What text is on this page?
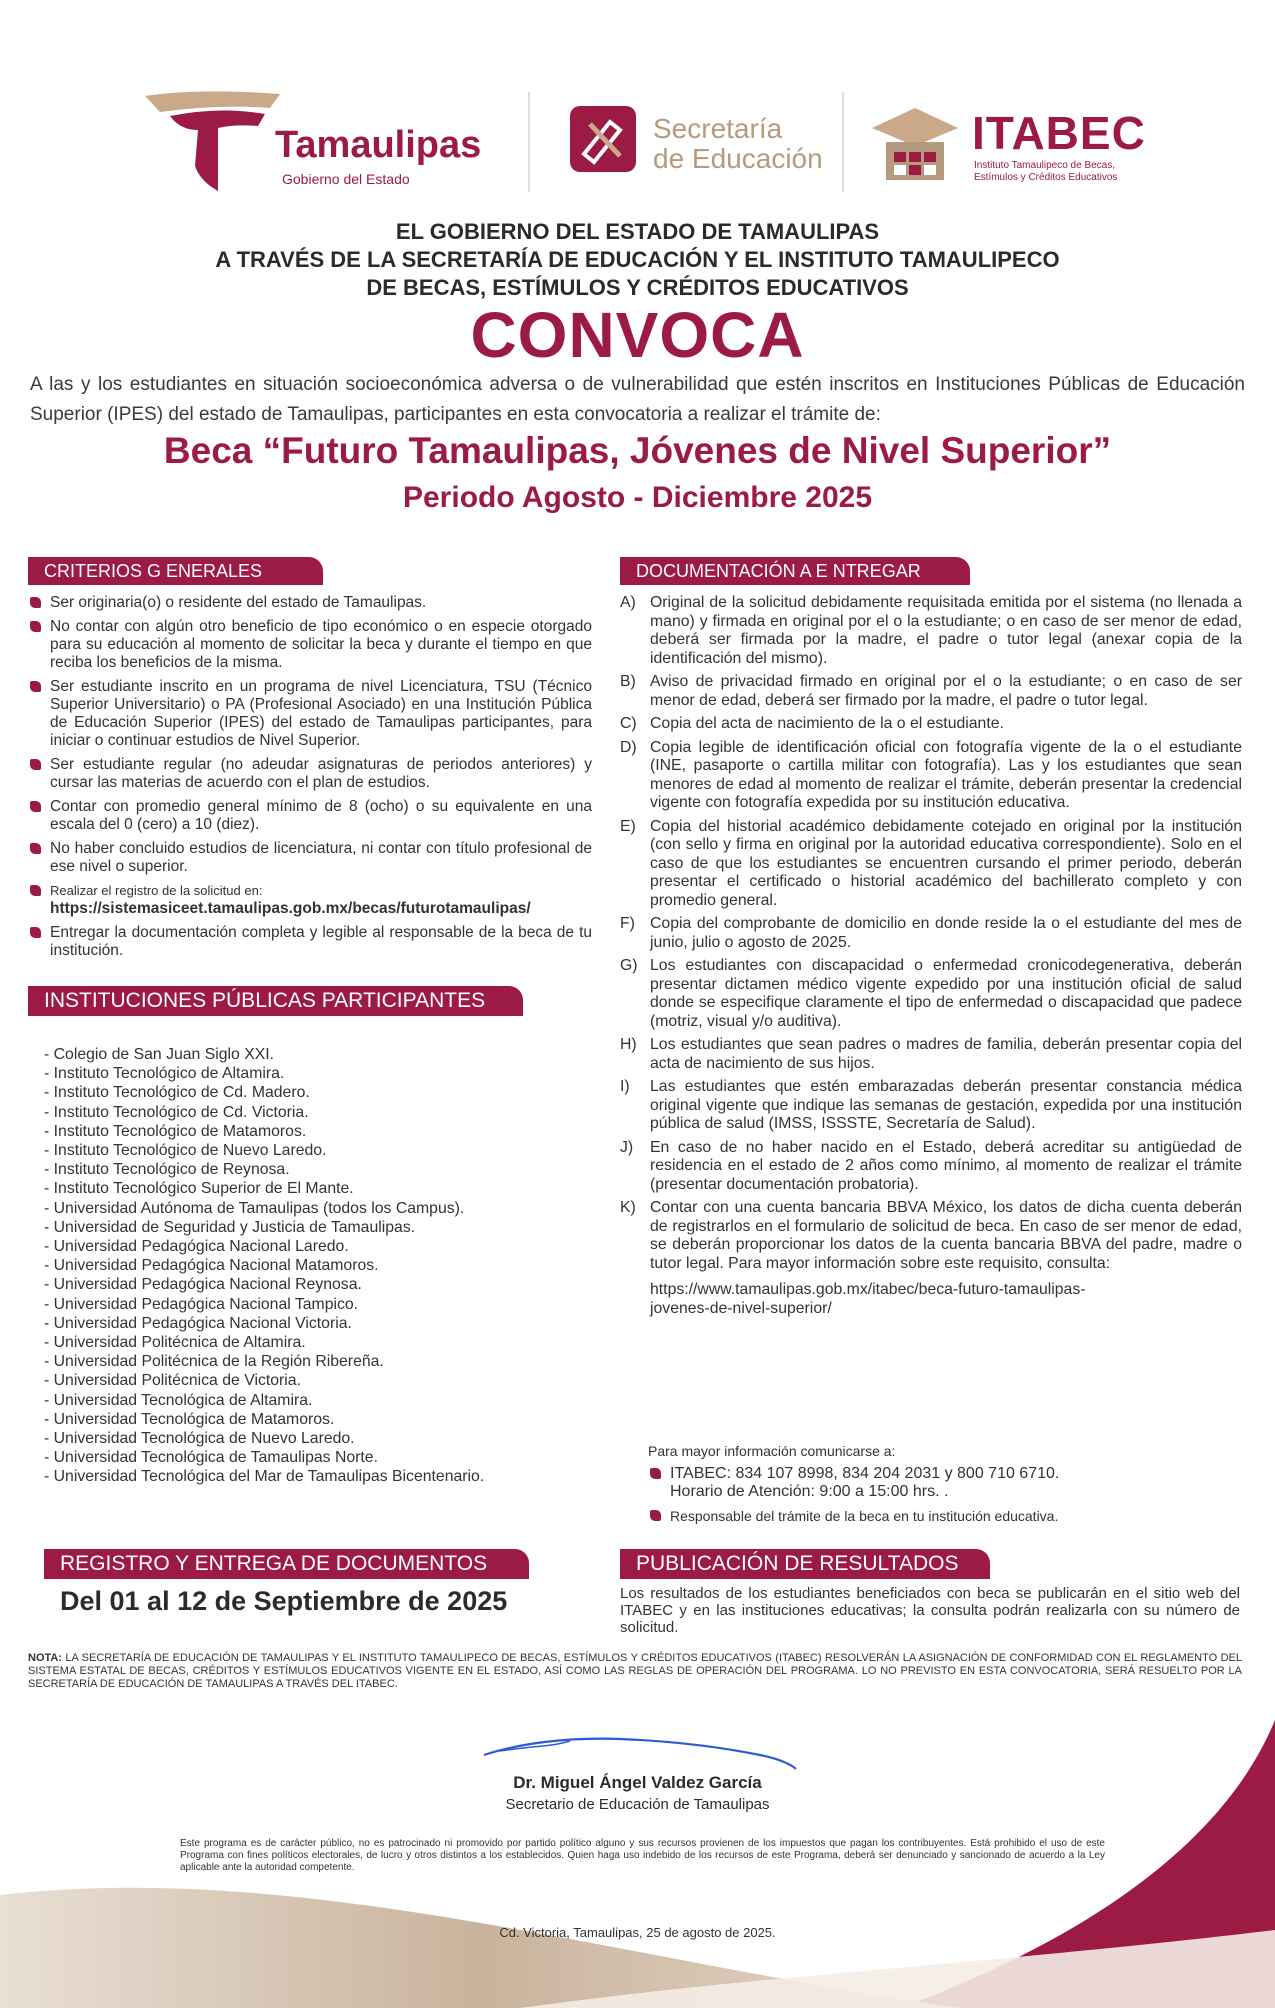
Tamaulipas
Gobierno del Estado
Secretaría
de Educación	ITABEC
Instituto Tamaulipeco de Becas,
Estímulos y Créditos Educativos
EL GOBIERNO DEL ESTADO DE TAMAULIPAS
A TRAVÉS DE LA SECRETARÍA DE EDUCACIÓN Y EL INSTITUTO TAMAULIPECO
DE BECAS, ESTÍMULOS Y CRÉDITOS EDUCATIVOS
CONVOCA
A las y los estudiantes en situación socioeconómica adversa o de vulnerabilidad que estén inscritos en Instituciones Públicas de Educación Superior (IPES) del estado de Tamaulipas, participantes en esta convocatoria a realizar el trámite de:
Beca “Futuro Tamaulipas, Jóvenes de Nivel Superior”
Periodo Agosto - Diciembre 2025
CRITERIOS G ENERALES
Ser originaria(o) o residente del estado de Tamaulipas.
No contar con algún otro beneficio de tipo económico o en especie otorgado para su educación al momento de solicitar la beca y durante el tiempo en que reciba los beneficios de la misma.
Ser estudiante inscrito en un programa de nivel Licenciatura, TSU (Técnico Superior Universitario) o PA (Profesional Asociado) en una Institución Pública de Educación Superior (IPES) del estado de Tamaulipas participantes, para iniciar o continuar estudios de Nivel Superior.
Ser estudiante regular (no adeudar asignaturas de periodos anteriores) y cursar las materias de acuerdo con el plan de estudios.
Contar con promedio general mínimo de 8 (ocho) o su equivalente en una escala del 0 (cero) a 10 (diez).
No haber concluido estudios de licenciatura, ni contar con título profesional de ese nivel o superior.
Realizar el registro de la solicitud en:
https://sistemasiceet.tamaulipas.gob.mx/becas/futurotamaulipas/
Entregar la documentación completa y legible al responsable de la beca de tu institución.
INSTITUCIONES PÚBLICAS PARTICIPANTES
- Colegio de San Juan Siglo XXI.
- Instituto Tecnológico de Altamira.
- Instituto Tecnológico de Cd. Madero.
- Instituto Tecnológico de Cd. Victoria.
- Instituto Tecnológico de Matamoros.
- Instituto Tecnológico de Nuevo Laredo.
- Instituto Tecnológico de Reynosa.
- Instituto Tecnológico Superior de El Mante.
- Universidad Autónoma de Tamaulipas (todos los Campus).
- Universidad de Seguridad y Justicia de Tamaulipas.
- Universidad Pedagógica Nacional Laredo.
- Universidad Pedagógica Nacional Matamoros.
- Universidad Pedagógica Nacional Reynosa.
- Universidad Pedagógica Nacional Tampico.
- Universidad Pedagógica Nacional Victoria.
- Universidad Politécnica de Altamira.
- Universidad Politécnica de la Región Ribereña.
- Universidad Politécnica de Victoria.
- Universidad Tecnológica de Altamira.
- Universidad Tecnológica de Matamoros.
- Universidad Tecnológica de Nuevo Laredo.
- Universidad Tecnológica de Tamaulipas Norte.
- Universidad Tecnológica del Mar de Tamaulipas Bicentenario.
DOCUMENTACIÓN A E NTREGAR
A) Original de la solicitud debidamente requisitada emitida por el sistema (no llenada a mano) y firmada en original por el o la estudiante; o en caso de ser menor de edad, deberá ser firmada por la madre, el padre o tutor legal (anexar copia de la identificación del mismo).
B) Aviso de privacidad firmado en original por el o la estudiante; o en caso de ser menor de edad, deberá ser firmado por la madre, el padre o tutor legal.
C) Copia del acta de nacimiento de la o el estudiante.
D) Copia legible de identificación oficial con fotografía vigente de la o el estudiante (INE, pasaporte o cartilla militar con fotografía). Las y los estudiantes que sean menores de edad al momento de realizar el trámite, deberán presentar la credencial vigente con fotografía expedida por su institución educativa.
E) Copia del historial académico debidamente cotejado en original por la institución (con sello y firma en original por la autoridad educativa correspondiente). Solo en el caso de que los estudiantes se encuentren cursando el primer periodo, deberán presentar el certificado o historial académico del bachillerato completo y con promedio general.
F) Copia del comprobante de domicilio en donde reside la o el estudiante del mes de junio, julio o agosto de 2025.
G) Los estudiantes con discapacidad o enfermedad cronicodegenerativa, deberán presentar dictamen médico vigente expedido por una institución oficial de salud donde se especifique claramente el tipo de enfermedad o discapacidad que padece (motriz, visual y/o auditiva).
H) Los estudiantes que sean padres o madres de familia, deberán presentar copia del acta de nacimiento de sus hijos.
I) Las estudiantes que estén embarazadas deberán presentar constancia médica original vigente que indique las semanas de gestación, expedida por una institución pública de salud (IMSS, ISSSTE, Secretaría de Salud).
J) En caso de no haber nacido en el Estado, deberá acreditar su antigüedad de residencia en el estado de 2 años como mínimo, al momento de realizar el trámite (presentar documentación probatoria).
K) Contar con una cuenta bancaria BBVA México, los datos de dicha cuenta deberán de registrarlos en el formulario de solicitud de beca. En caso de ser menor de edad, se deberán proporcionar los datos de la cuenta bancaria BBVA del padre, madre o tutor legal. Para mayor información sobre este requisito, consulta:
https://www.tamaulipas.gob.mx/itabec/beca-futuro-tamaulipas-
jovenes-de-nivel-superior/
Para mayor información comunicarse a:
ITABEC: 834 107 8998, 834 204 2031 y 800 710 6710.
Horario de Atención: 9:00 a 15:00 hrs. .
Responsable del trámite de la beca en tu institución educativa.
REGISTRO Y ENTREGA DE DOCUMENTOS
Del 01 al 12 de Septiembre de 2025
PUBLICACIÓN DE RESULTADOS
Los resultados de los estudiantes beneficiados con beca se publicarán en el sitio web del ITABEC y en las instituciones educativas; la consulta podrán realizarla con su número de solicitud.
NOTA: LA SECRETARÍA DE EDUCACIÓN DE TAMAULIPAS Y EL INSTITUTO TAMAULIPECO DE BECAS, ESTÍMULOS Y CRÉDITOS EDUCATIVOS (ITABEC) RESOLVERÁN LA ASIGNACIÓN DE CONFORMIDAD CON EL REGLAMENTO DEL SISTEMA ESTATAL DE BECAS, CRÉDITOS Y ESTÍMULOS EDUCATIVOS VIGENTE EN EL ESTADO, ASÍ COMO LAS REGLAS DE OPERACIÓN DEL PROGRAMA. LO NO PREVISTO EN ESTA CONVOCATORIA, SERÁ RESUELTO POR LA SECRETARÍA DE EDUCACIÓN DE TAMAULIPAS A TRAVÉS DEL ITABEC.
Dr. Miguel Ángel Valdez García
Secretario de Educación de Tamaulipas
Este programa es de carácter público, no es patrocinado ni promovido por partido político alguno y sus recursos provienen de los impuestos que pagan los contribuyentes. Está prohibido el uso de este Programa con fines políticos electorales, de lucro y otros distintos a los establecidos. Quien haga uso indebido de los recursos de este Programa, deberá ser denunciado y sancionado de acuerdo a la Ley aplicable ante la autoridad competente.
Cd. Victoria, Tamaulipas, 25 de agosto de 2025.
